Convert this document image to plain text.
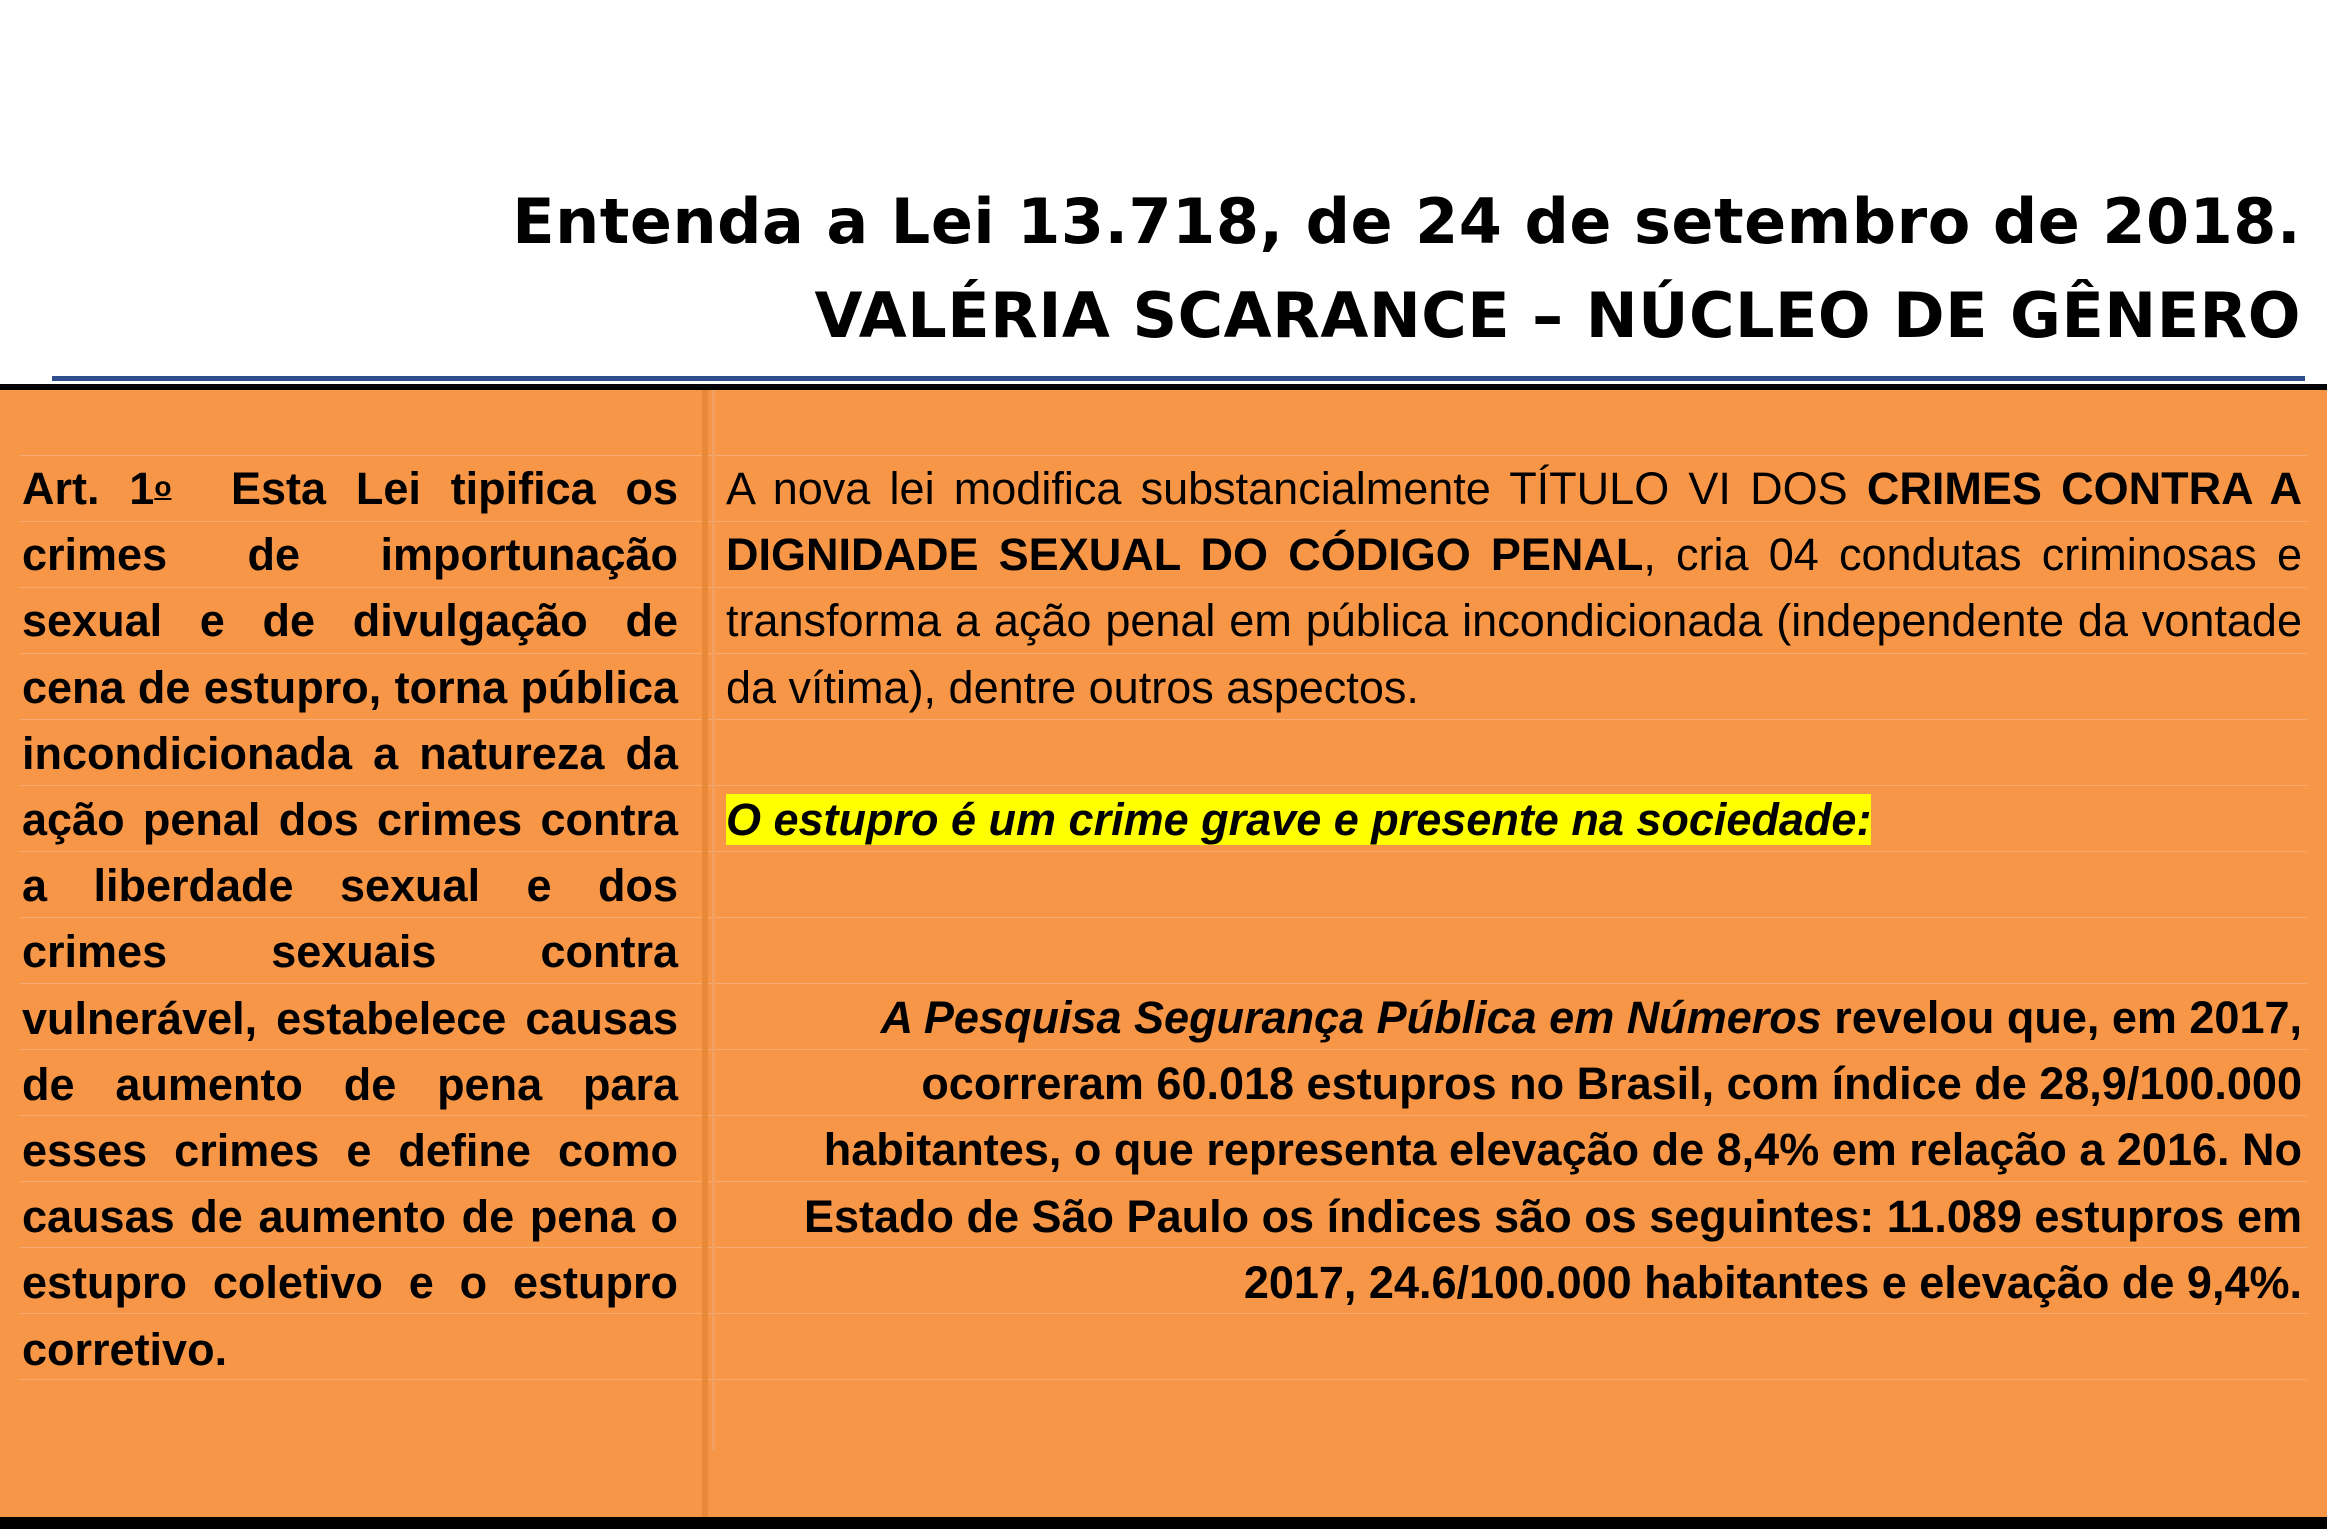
Entenda a Lei 13.718, de 24 de setembro de 2018.
VALÉRIA SCARANCE – NÚCLEO DE GÊNERO
Art. 1$^o$ Esta Lei tipifica os crimes de importunação sexual e de divulgação de cena de estupro, torna pública incondicionada a natureza da ação penal dos crimes contra a liberdade sexual e dos crimes sexuais contra vulnerável, estabelece causas de aumento de pena para esses crimes e define como causas de aumento de pena o estupro coletivo e o estupro corretivo.
A nova lei modifica substancialmente TÍTULO VI DOS CRIMES CONTRA A DIGNIDADE SEXUAL DO CÓDIGO PENAL, cria 04 condutas criminosas e transforma a ação penal em pública incondicionada (independente da vontade da vítima), dentre outros aspectos.
O estupro é um crime grave e presente na sociedade:
A Pesquisa Segurança Pública em Números revelou que, em 2017, ocorreram 60.018 estupros no Brasil, com índice de 28,9/100.000 habitantes, o que representa elevação de 8,4% em relação a 2016. No Estado de São Paulo os índices são os seguintes: 11.089 estupros em 2017, 24.6/100.000 habitantes e elevação de 9,4%.
